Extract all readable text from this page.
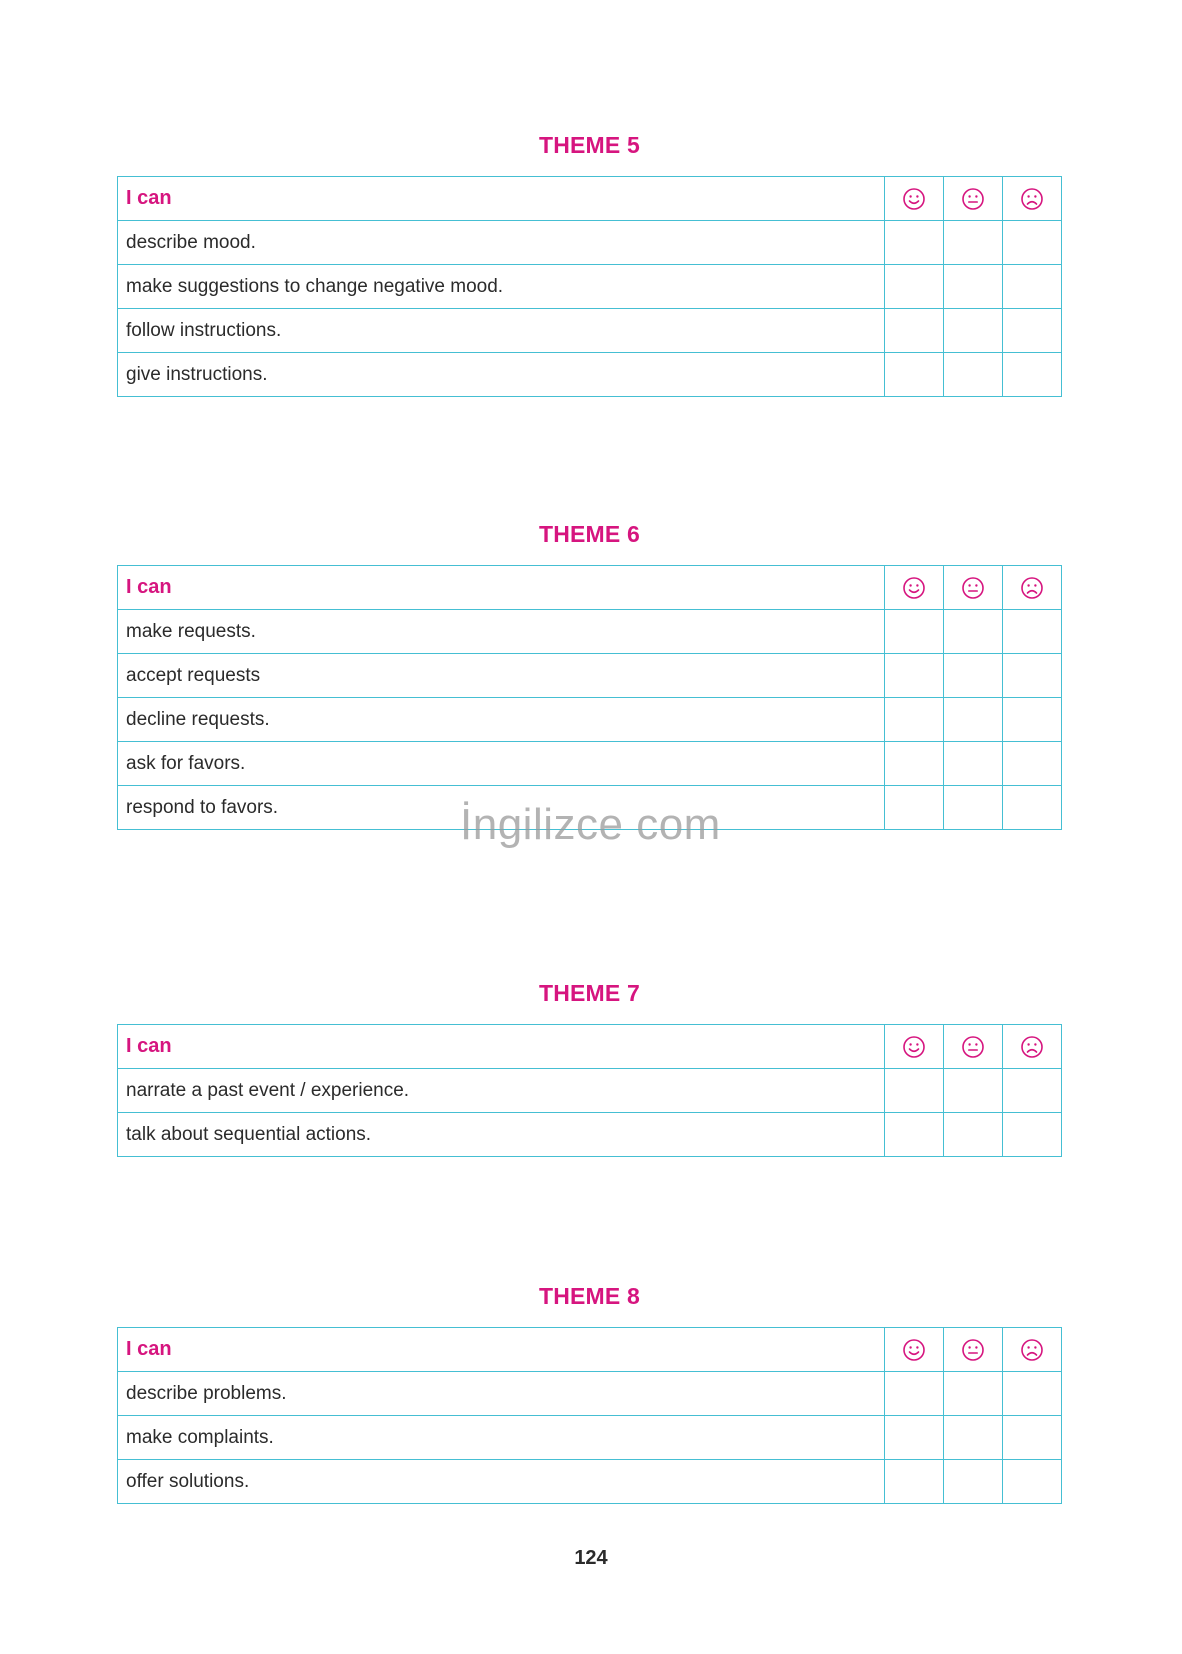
THEME 5
I can			
describe mood.			
make suggestions to change negative mood.			
follow instructions.			
give instructions.			
THEME 6
I can			
make requests.			
accept requests			
decline requests.			
ask for favors.			
respond to favors.			
THEME 7
I can			
narrate a past event / experience.			
talk about sequential actions.			
THEME 8
I can			
describe problems.			
make complaints.			
offer solutions.			
İngilizce com
124
